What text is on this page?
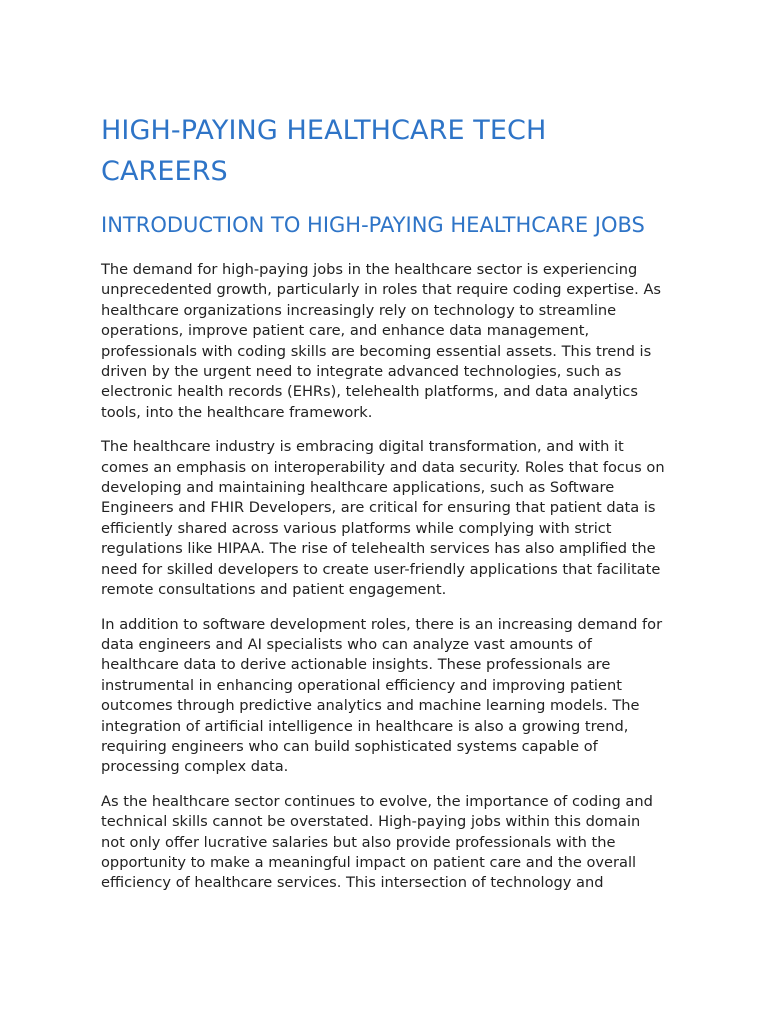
HIGH-PAYING HEALTHCARE TECH CAREERS
INTRODUCTION TO HIGH-PAYING HEALTHCARE JOBS

The demand for high-paying jobs in the healthcare sector is experiencing unprecedented growth, particularly in roles that require coding expertise. As healthcare organizations increasingly rely on technology to streamline operations, improve patient care, and enhance data management, professionals with coding skills are becoming essential assets. This trend is driven by the urgent need to integrate advanced technologies, such as electronic health records (EHRs), telehealth platforms, and data analytics tools, into the healthcare framework.

The healthcare industry is embracing digital transformation, and with it comes an emphasis on interoperability and data security. Roles that focus on developing and maintaining healthcare applications, such as Software Engineers and FHIR Developers, are critical for ensuring that patient data is efficiently shared across various platforms while complying with strict regulations like HIPAA. The rise of telehealth services has also amplified the need for skilled developers to create user-friendly applications that facilitate remote consultations and patient engagement.

In addition to software development roles, there is an increasing demand for data engineers and AI specialists who can analyze vast amounts of healthcare data to derive actionable insights. These professionals are instrumental in enhancing operational efficiency and improving patient outcomes through predictive analytics and machine learning models. The integration of artificial intelligence in healthcare is also a growing trend, requiring engineers who can build sophisticated systems capable of processing complex data.

As the healthcare sector continues to evolve, the importance of coding and technical skills cannot be overstated. High-paying jobs within this domain not only offer lucrative salaries but also provide professionals with the opportunity to make a meaningful impact on patient care and the overall efficiency of healthcare services. This intersection of technology and
